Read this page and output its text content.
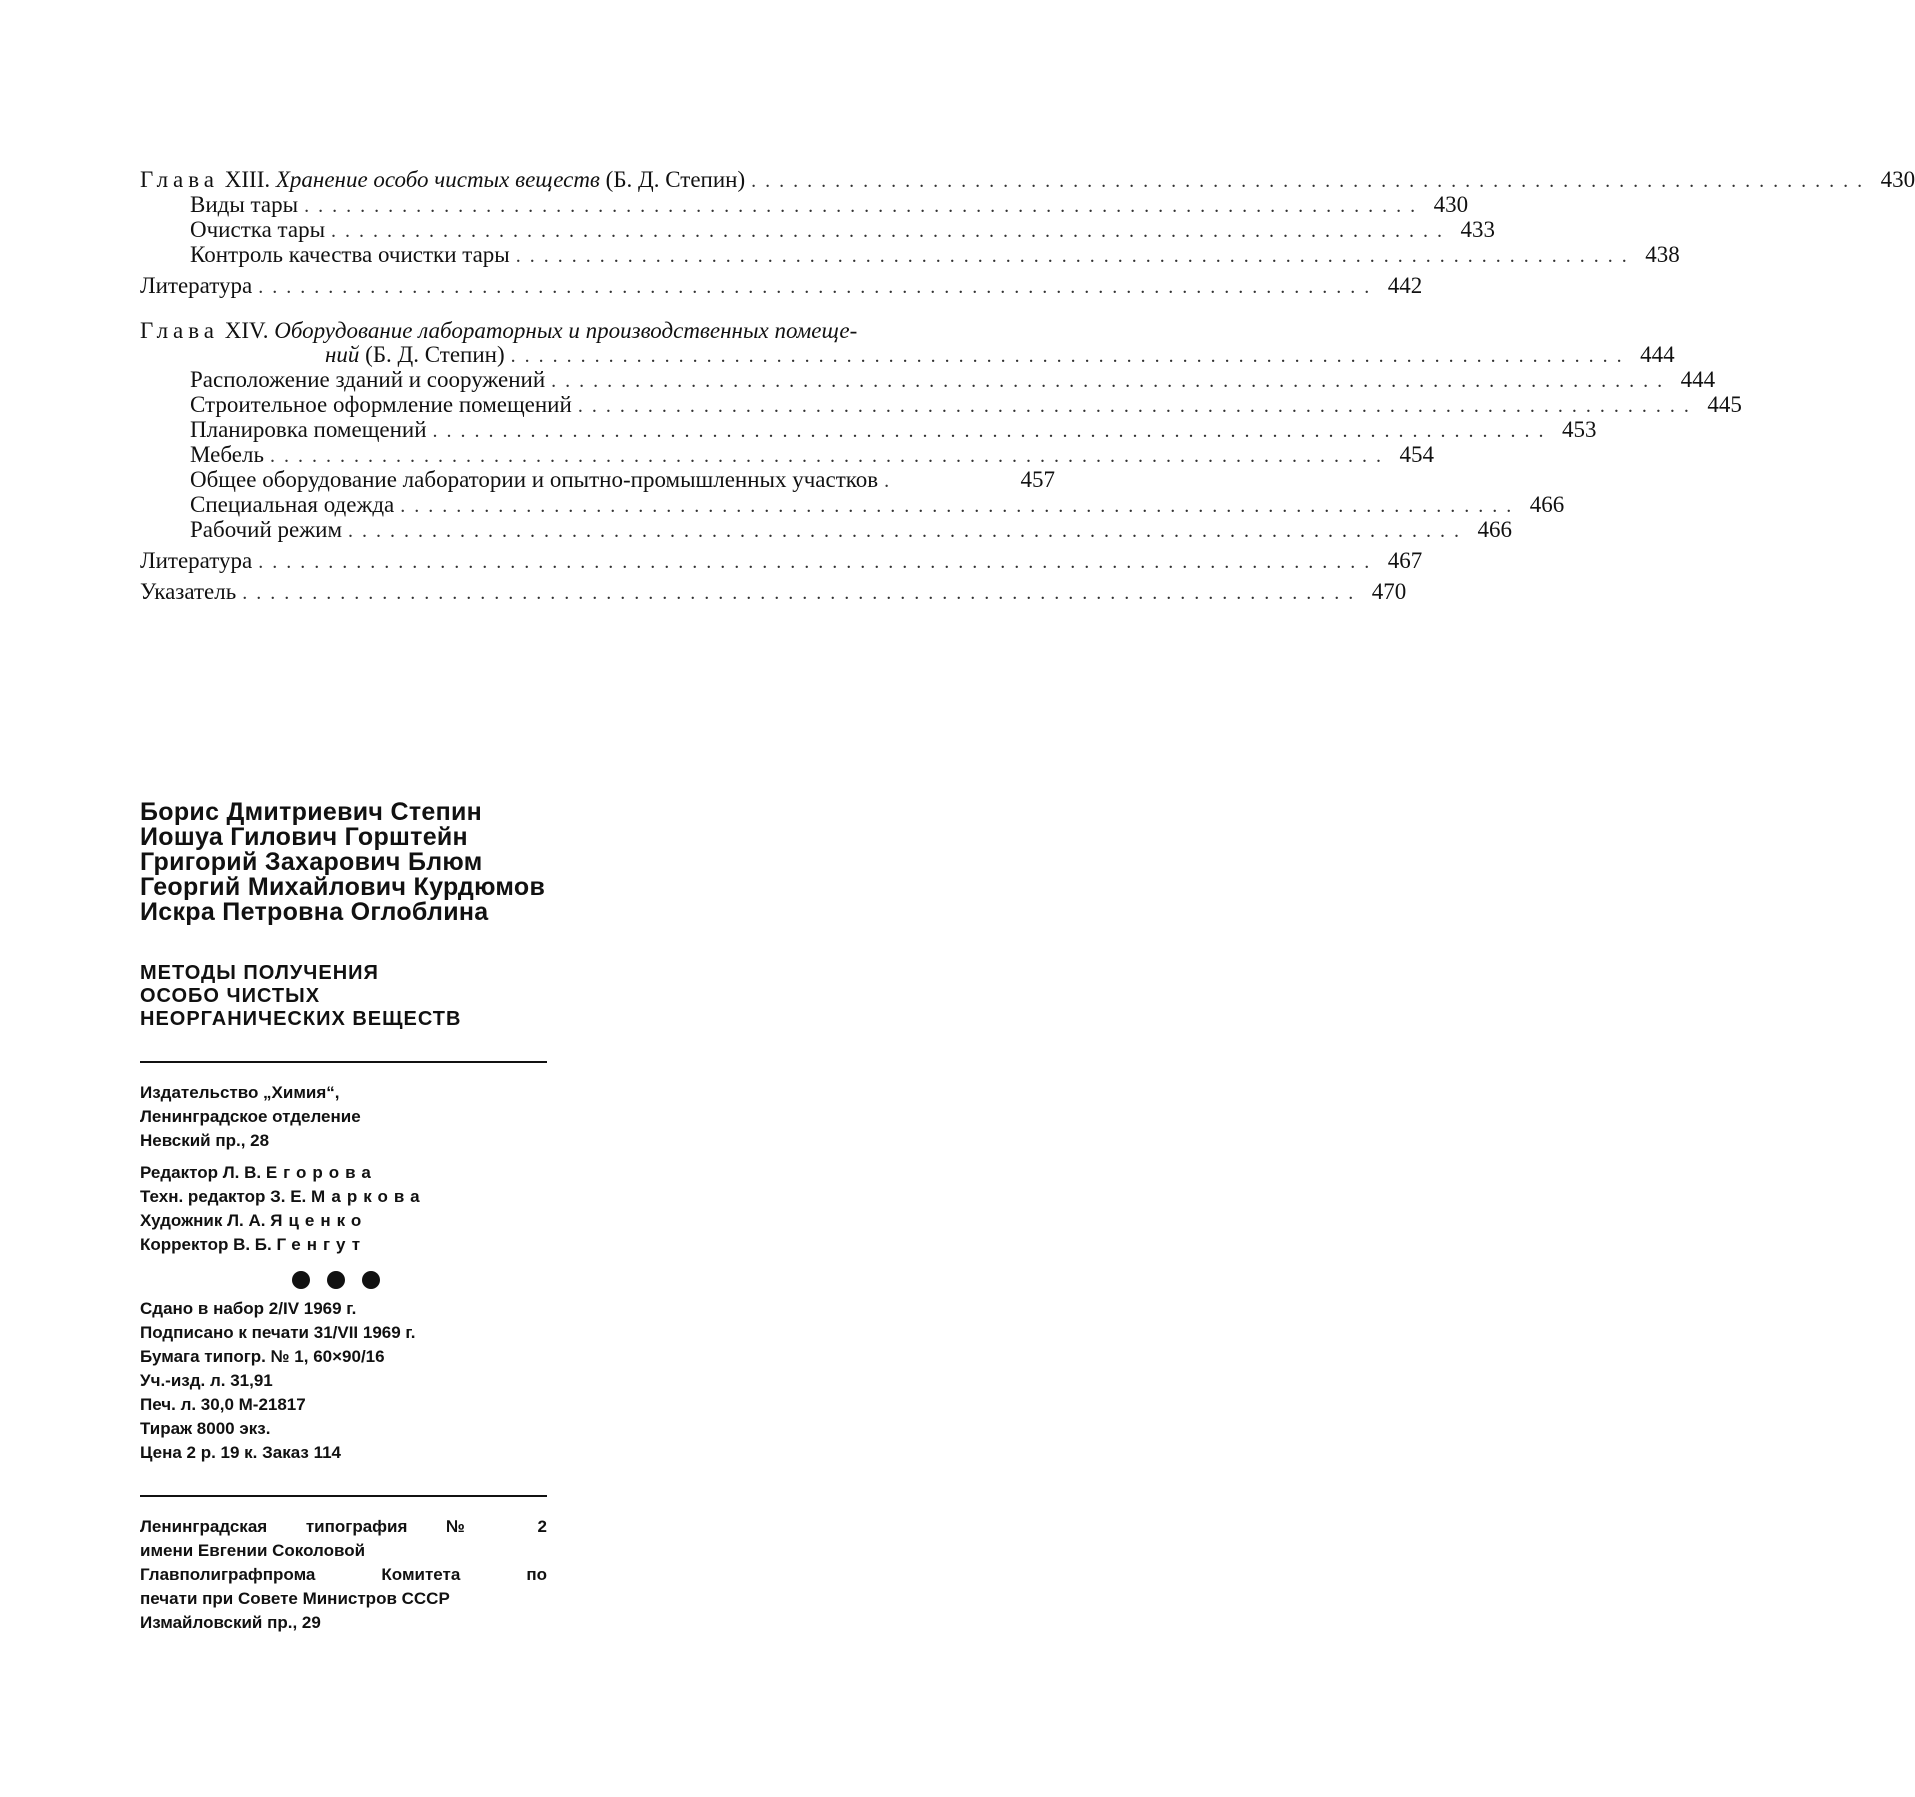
Глава XIII. Хранение особо чистых веществ (Б. Д. Степин) ................................................................................ 430
Виды тары ................................................................................ 430
Очистка тары ................................................................................ 433
Контроль качества очистки тары ................................................................................ 438
Литература ................................................................................ 442
Глава XIV. Оборудование лабораторных и производственных помеще-
ний (Б. Д. Степин) ................................................................................ 444
Расположение зданий и сооружений ................................................................................ 444
Строительное оформление помещений ................................................................................ 445
Планировка помещений ................................................................................ 453
Мебель ................................................................................ 454
Общее оборудование лаборатории и опытно-промышленных участков .	457
Специальная одежда ................................................................................ 466
Рабочий режим ................................................................................ 466
Литература ................................................................................ 467
Указатель ................................................................................ 470
Борис Дмитриевич Степин
Иошуа Гилович Горштейн
Григорий Захарович Блюм
Георгий Михайлович Курдюмов
Искра Петровна Оглоблина
МЕТОДЫ ПОЛУЧЕНИЯ
ОСОБО ЧИСТЫХ
НЕОРГАНИЧЕСКИХ ВЕЩЕСТВ
Издательство „Химия“,
Ленинградское отделение
Невский пр., 28
Редактор Л. В. Егорова
Техн. редактор З. Е. Маркова
Художник Л. А. Яценко
Корректор В. Б. Генгут
Сдано в набор 2/IV 1969 г.
Подписано к печати 31/VII 1969 г.
Бумага типогр. № 1, 60×90/16
Уч.-изд. л. 31,91
Печ. л. 30,0 М-21817
Тираж 8000 экз.
Цена 2 р. 19 к. Заказ 114
Ленинградская типография № 2
имени Евгении Соколовой
Главполиграфпрома Комитета по
печати при Совете Министров СССР
Измайловский пр., 29
